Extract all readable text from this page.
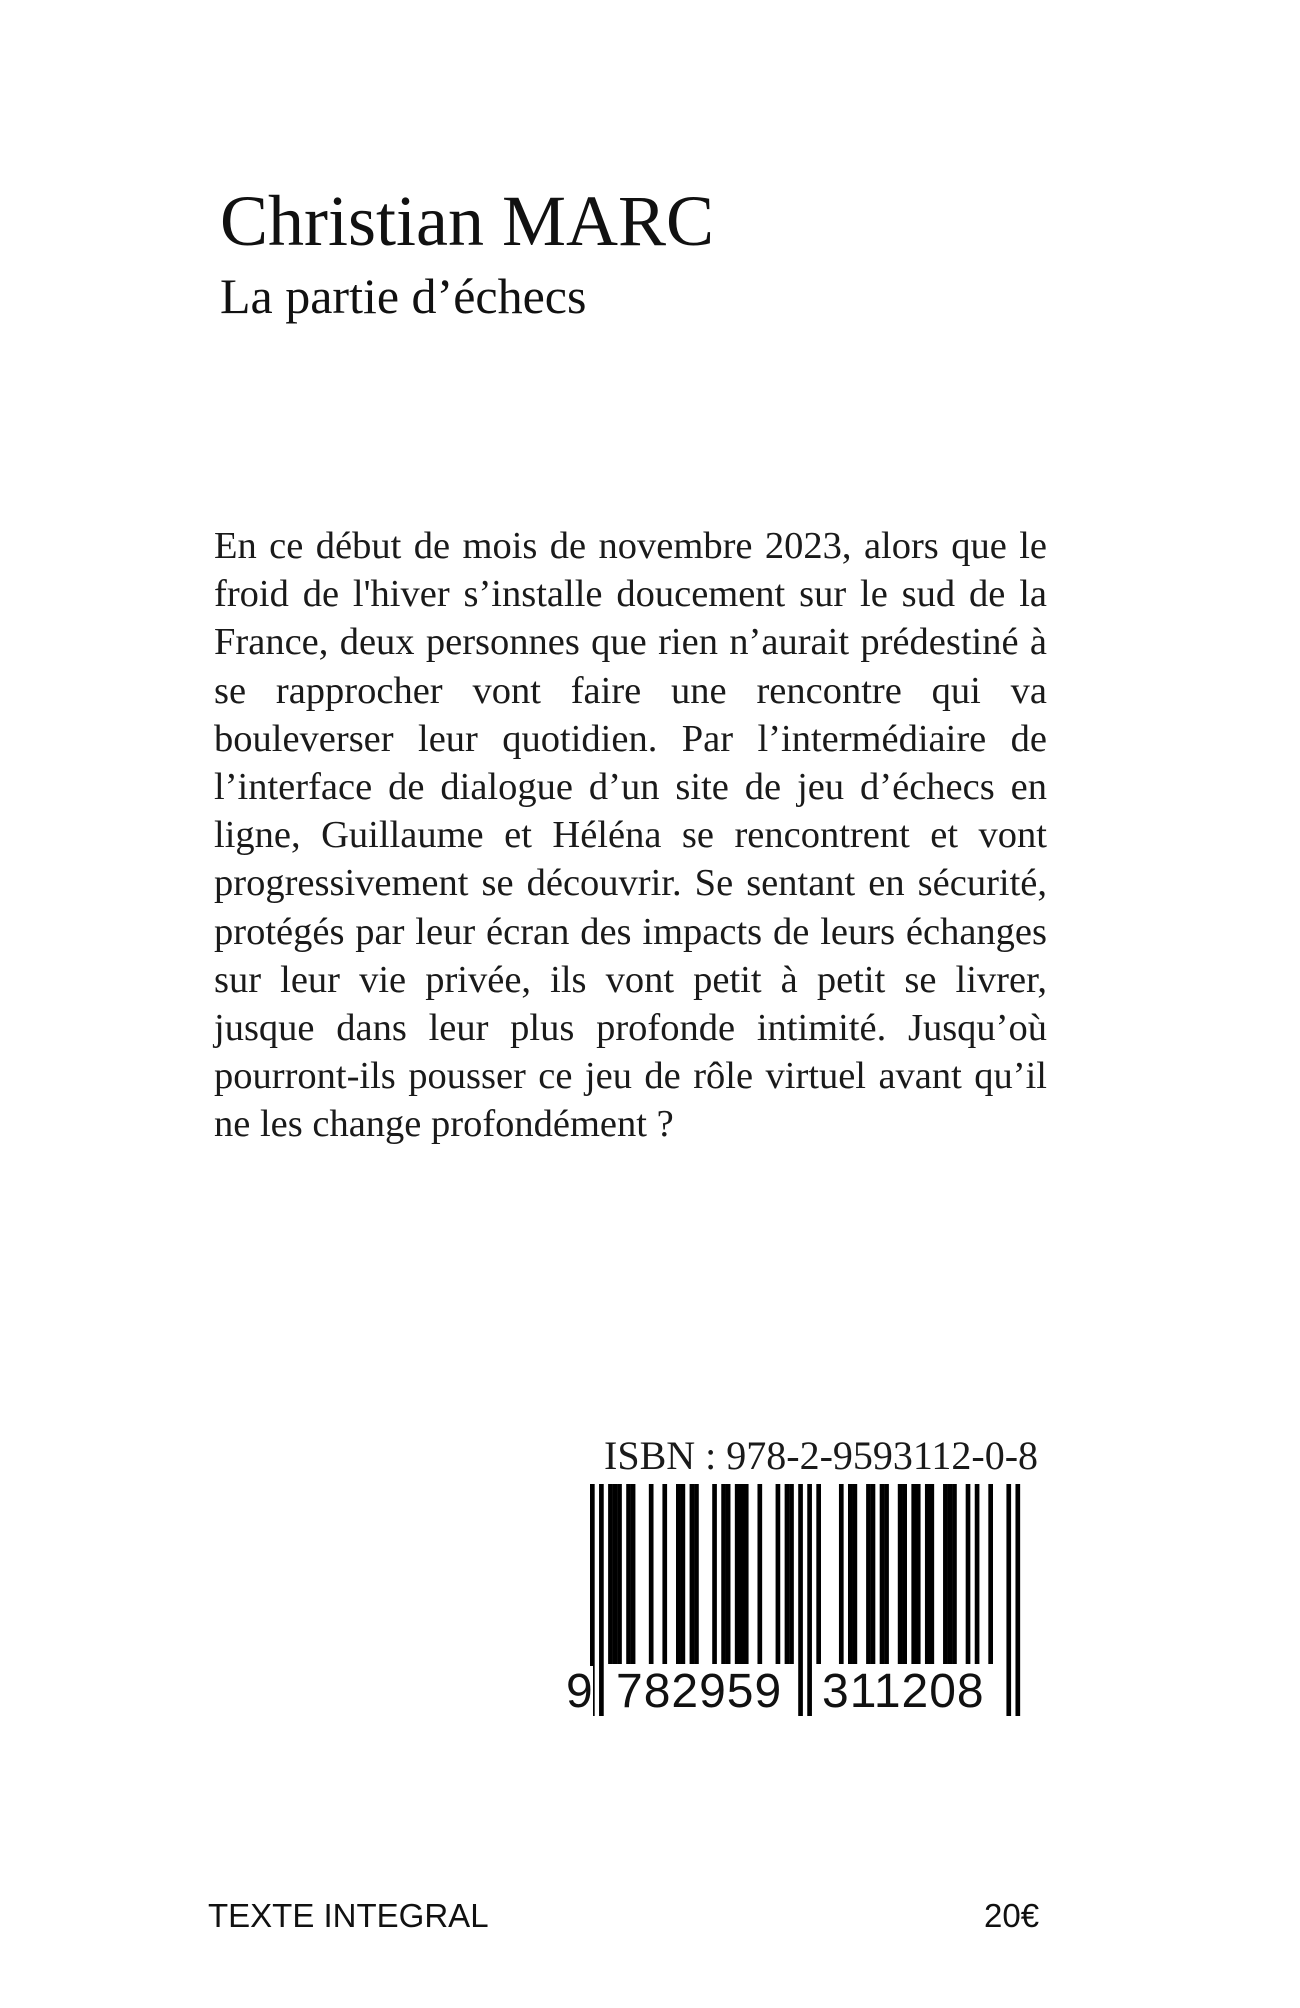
Christian MARC
La partie d’échecs

En ce début de mois de novembre 2023, alors que le froid de l'hiver s’installe doucement sur le sud de la France, deux personnes que rien n’aurait prédestiné à se rapprocher vont faire une rencontre qui va bouleverser leur quotidien. Par l’intermédiaire de l’interface de dialogue d’un site de jeu d’échecs en ligne, Guillaume et Héléna se rencontrent et vont progressivement se découvrir. Se sentant en sécurité, protégés par leur écran des impacts de leurs échanges sur leur vie privée, ils vont petit à petit se livrer, jusque dans leur plus profonde intimité. Jusqu’où pourront-ils pousser ce jeu de rôle virtuel avant qu’il ne les change profondément ?

ISBN : 978-2-9593112-0-8
9 782959 311208
TEXTE INTEGRAL	20€
